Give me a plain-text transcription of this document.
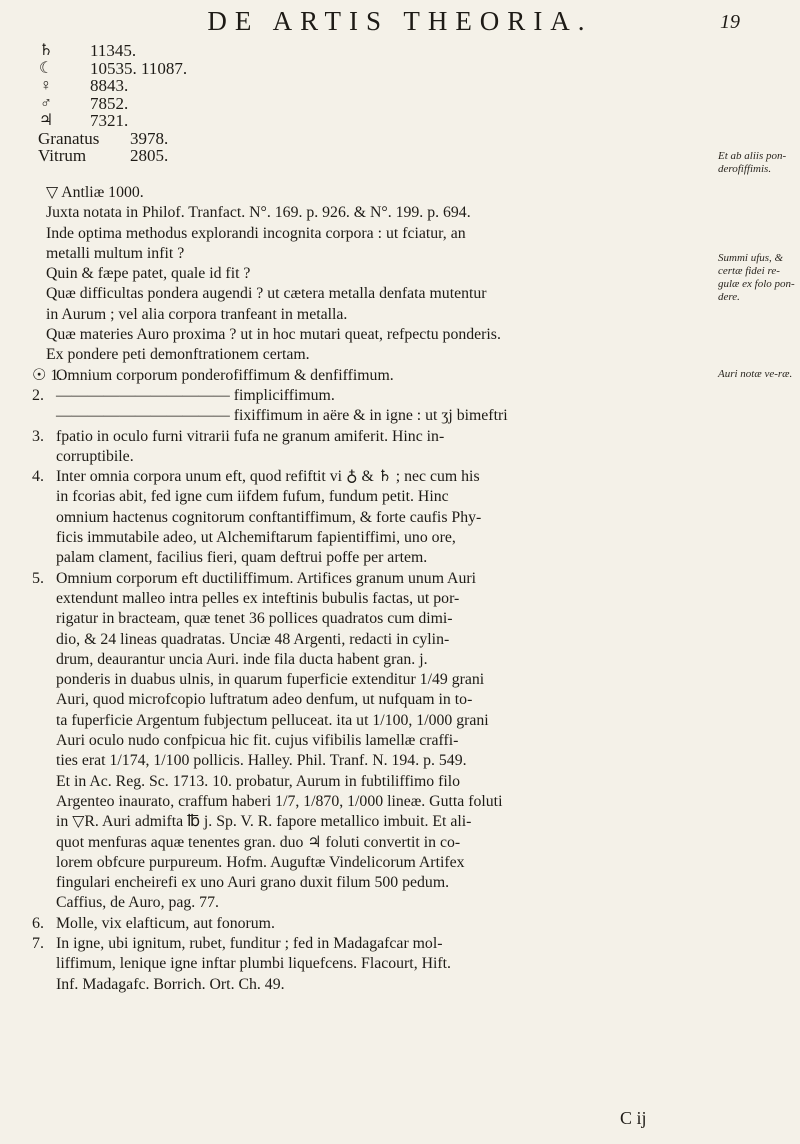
DE ARTIS THEORIA.	19
♄ 11345.
☾ 10535. 11087.
♀ 8843.
♂ 7852.
♃ 7321.
Granatus 3978.
Vitrum	2805.
▽ Antliæ 1000.
Juxta notata in Philof. Tranfact. N°. 169. p. 926. & N°. 199. p. 694.
Inde optima methodus explorandi incognita corpora : ut fciatur, an
metalli multum infit ?
Quin & fæpe patet, quale id fit ?
Quæ difficultas pondera augendi ? ut cætera metalla denfata mutentur
in Aurum ; vel alia corpora tranfeant in metalla.
Quæ materies Auro proxima ? ut in hoc mutari queat, refpectu ponderis.
Ex pondere peti demonftrationem certam.
☉ 1.
Omnium corporum ponderofiffimum & denfiffimum.
2. ——————————— fimpliciffimum.
——————————— fixiffimum in aëre & in igne : ut ʒj bimeftri
3. fpatio in oculo furni vitrarii fufa ne granum amiferit. Hinc in-
corruptibile.
4. Inter omnia corpora unum eft, quod refiftit vi ♁ & ♄ ; nec cum his
in fcorias abit, fed igne cum iifdem fufum, fundum petit. Hinc
omnium hactenus cognitorum conftantiffimum, & forte caufis Phy-
ficis immutabile adeo, ut Alchemiftarum fapientiffimi, uno ore,
palam clament, facilius fieri, quam deftrui poffe per artem.
5. Omnium corporum eft ductiliffimum. Artifices granum unum Auri
extendunt malleo intra pelles ex inteftinis bubulis factas, ut por-
rigatur in bracteam, quæ tenet 36 pollices quadratos cum dimi-
dio, & 24 lineas quadratas. Unciæ 48 Argenti, redacti in cylin-
drum, deaurantur uncia Auri. inde fila ducta habent gran. j.
ponderis in duabus ulnis, in quarum fuperficie extenditur 1/49 grani
Auri, quod microfcopio luftratum adeo denfum, ut nufquam in to-
ta fuperficie Argentum fubjectum pelluceat. ita ut 1/100, 1/000 grani
Auri oculo nudo confpicua hic fit. cujus vifibilis lamellæ craffi-
ties erat 1/174, 1/100 pollicis. Halley. Phil. Tranf. N. 194. p. 549.
Et in Ac. Reg. Sc. 1713. 10. probatur, Aurum in fubtiliffimo filo
Argenteo inaurato, craffum haberi 1/7, 1/870, 1/000 lineæ. Gutta foluti
in ▽R. Auri admifta ℔ j. Sp. V. R. fapore metallico imbuit. Et ali-
quot menfuras aquæ tenentes gran. duo ♃ foluti convertit in co-
lorem obfcure purpureum. Hofm. Auguftæ Vindelicorum Artifex
fingulari encheirefi ex uno Auri grano duxit filum 500 pedum.
Caffius, de Auro, pag. 77.
6. Molle, vix elafticum, aut fonorum.
7. In igne, ubi ignitum, rubet, funditur ; fed in Madagafcar mol-
liffimum, lenique igne inftar plumbi liquefcens. Flacourt, Hift.
Inf. Madagafc. Borrich. Ort. Ch. 49.
Et ab aliis pon-derofiffimis.
Summi ufus, & certæ fidei re-gulæ ex folo pon-dere.
Auri notæ ve-ræ.
C ij
